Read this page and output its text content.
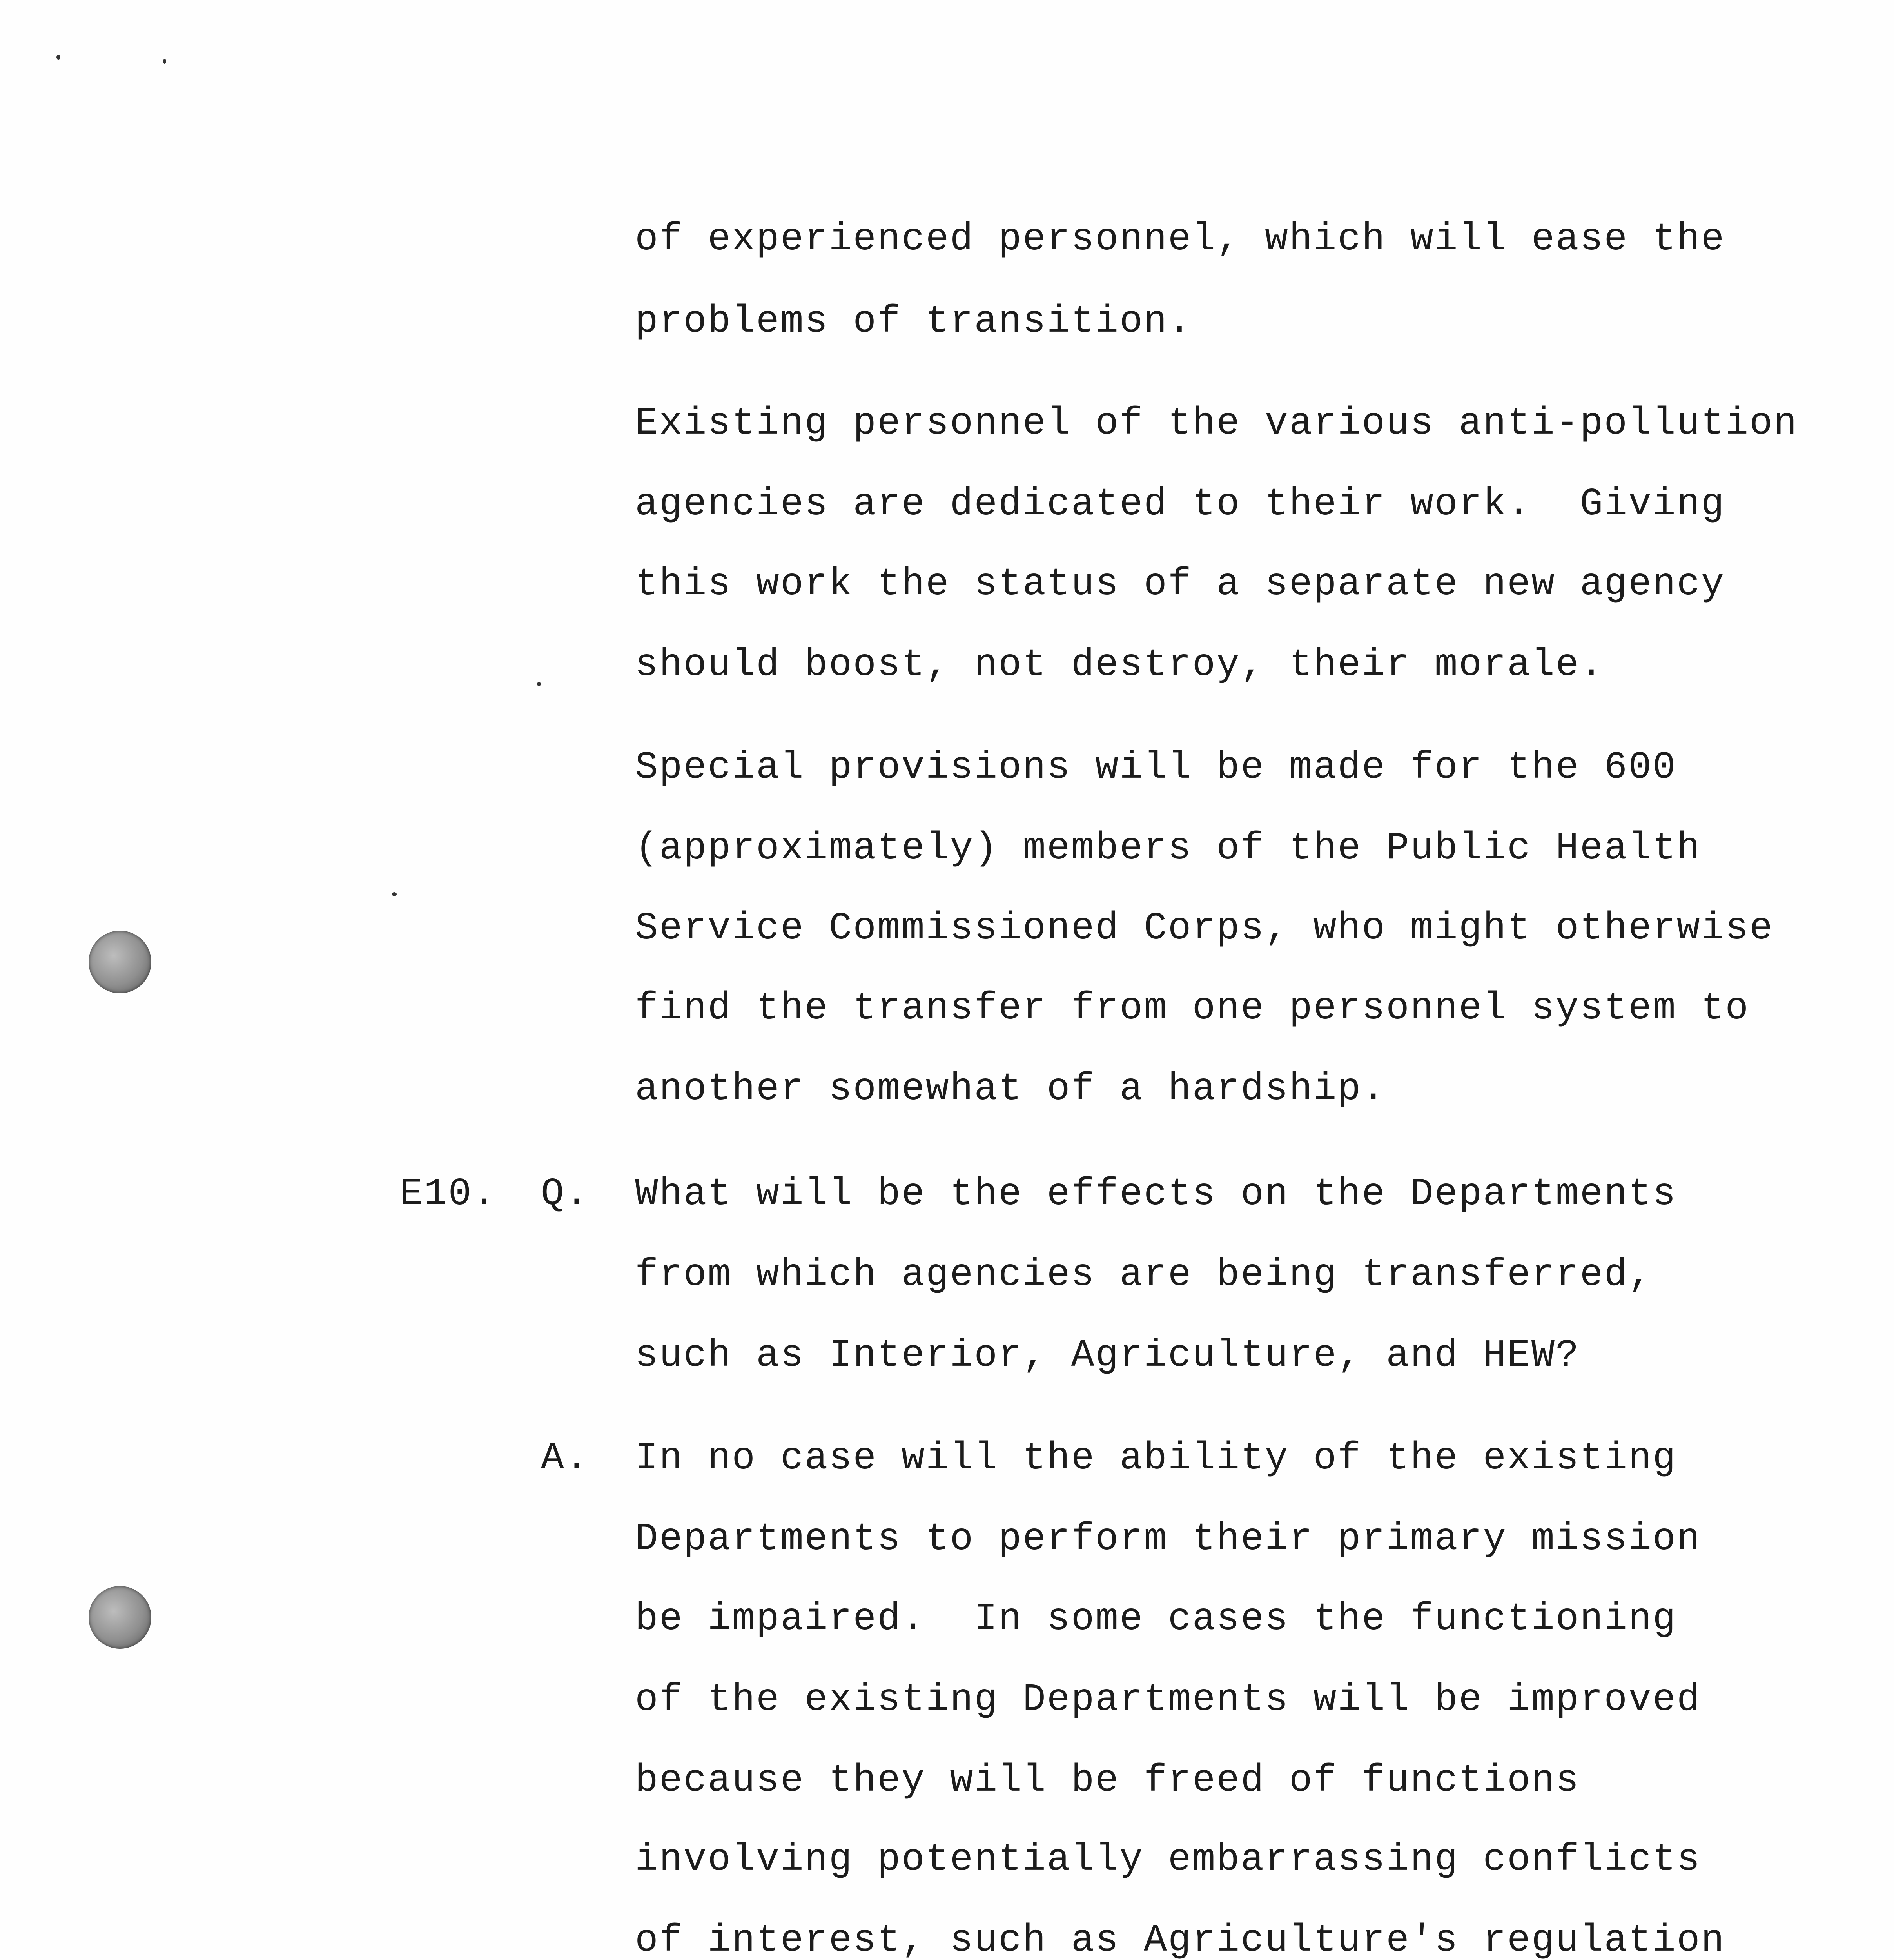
of experienced personnel, which will ease the
problems of transition.
Existing personnel of the various anti-pollution
agencies are dedicated to their work.  Giving
this work the status of a separate new agency
should boost, not destroy, their morale.
Special provisions will be made for the 600
(approximately) members of the Public Health
Service Commissioned Corps, who might otherwise
find the transfer from one personnel system to
another somewhat of a hardship.
E10. Q. What will be the effects on the Departments
from which agencies are being transferred,
such as Interior, Agriculture, and HEW?
A. In no case will the ability of the existing
Departments to perform their primary mission
be impaired.  In some cases the functioning
of the existing Departments will be improved
because they will be freed of functions
involving potentially embarrassing conflicts
of interest, such as Agriculture's regulation
